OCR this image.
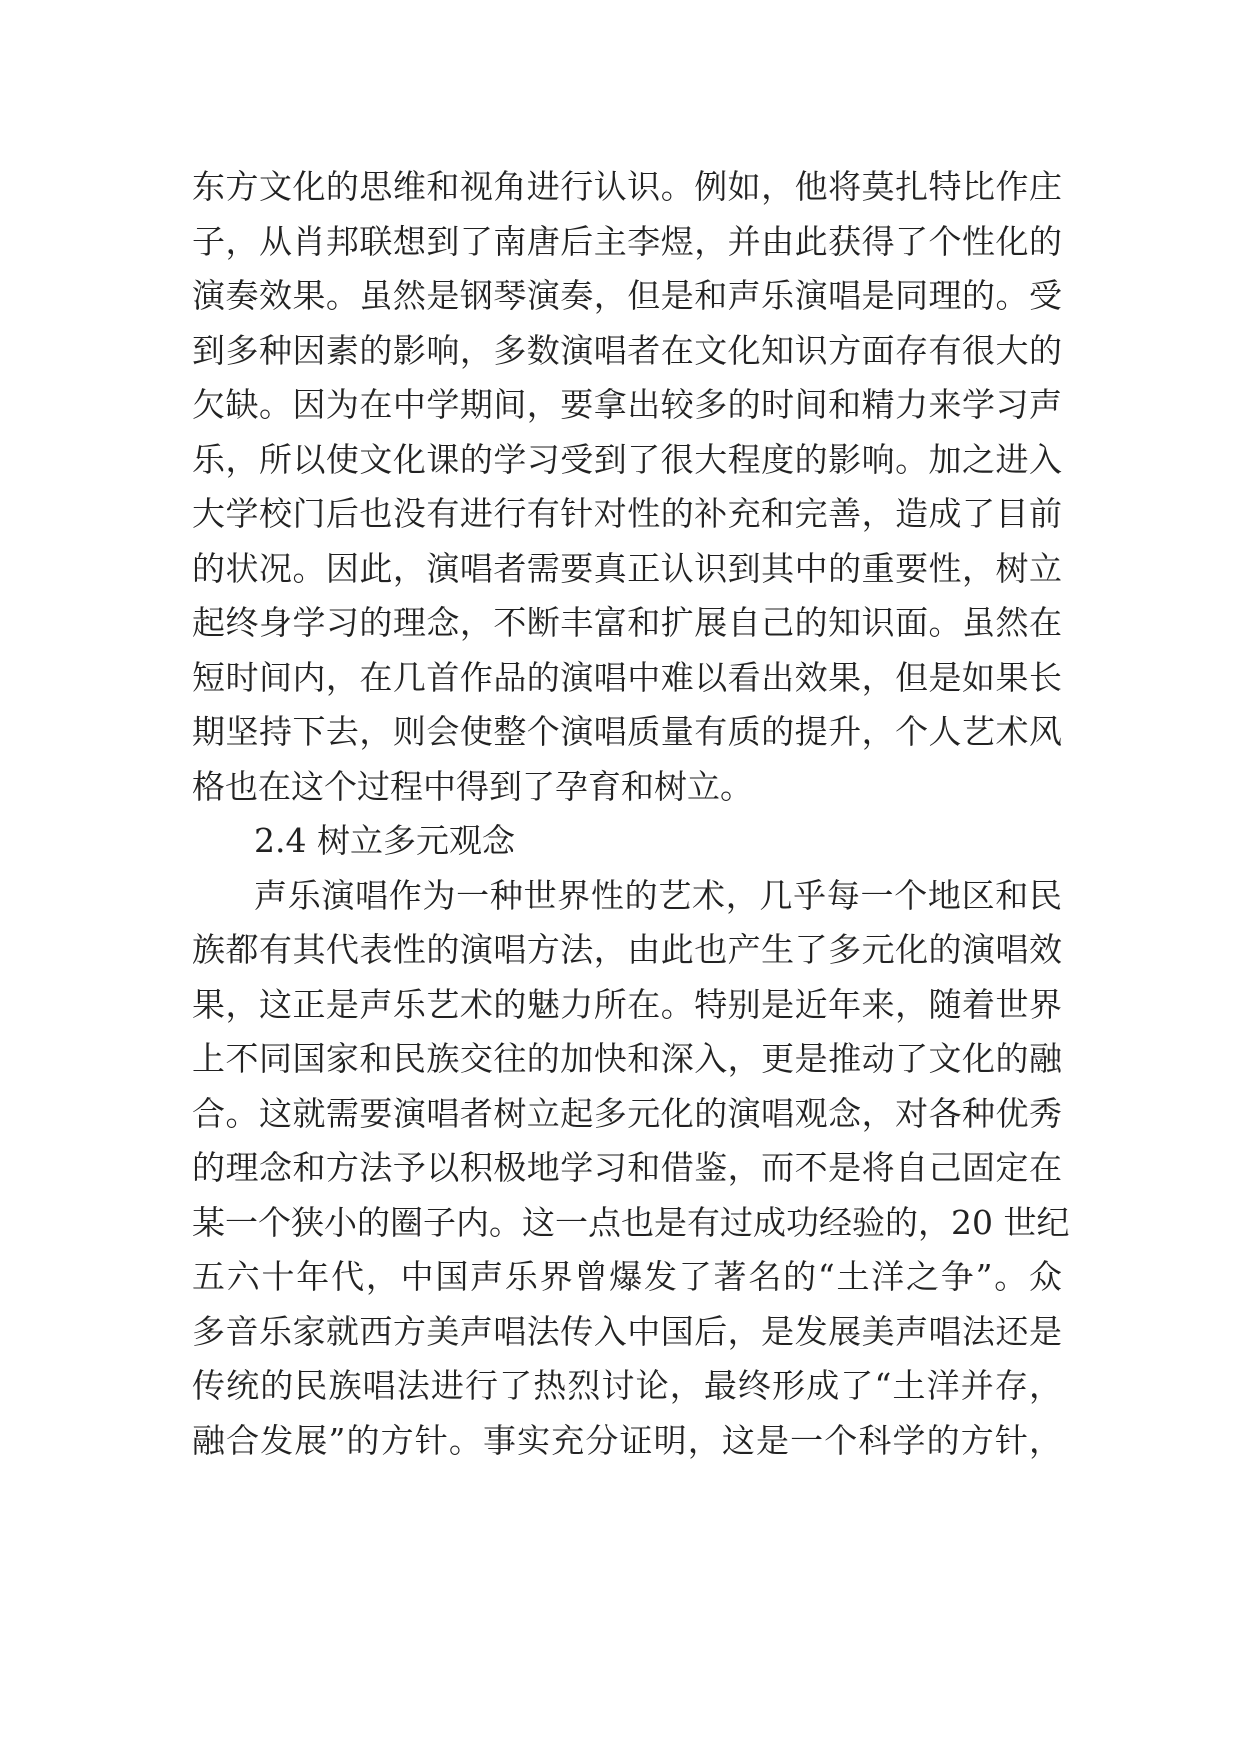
东方文化的思维和视角进行认识。例如，他将莫扎特比作庄
子，从肖邦联想到了南唐后主李煜，并由此获得了个性化的
演奏效果。虽然是钢琴演奏，但是和声乐演唱是同理的。受
到多种因素的影响，多数演唱者在文化知识方面存有很大的
欠缺。因为在中学期间，要拿出较多的时间和精力来学习声
乐，所以使文化课的学习受到了很大程度的影响。加之进入
大学校门后也没有进行有针对性的补充和完善，造成了目前
的状况。因此，演唱者需要真正认识到其中的重要性，树立
起终身学习的理念，不断丰富和扩展自己的知识面。虽然在
短时间内，在几首作品的演唱中难以看出效果，但是如果长
期坚持下去，则会使整个演唱质量有质的提升，个人艺术风
格也在这个过程中得到了孕育和树立。
2.4 树立多元观念
声乐演唱作为一种世界性的艺术，几乎每一个地区和民
族都有其代表性的演唱方法，由此也产生了多元化的演唱效
果，这正是声乐艺术的魅力所在。特别是近年来，随着世界
上不同国家和民族交往的加快和深入，更是推动了文化的融
合。这就需要演唱者树立起多元化的演唱观念，对各种优秀
的理念和方法予以积极地学习和借鉴，而不是将自己固定在
某一个狭小的圈子内。这一点也是有过成功经验的，20 世纪
五六十年代，中国声乐界曾爆发了著名的“土洋之争”。众
多音乐家就西方美声唱法传入中国后，是发展美声唱法还是
传统的民族唱法进行了热烈讨论，最终形成了“土洋并存，
融合发展”的方针。事实充分证明，这是一个科学的方针，
